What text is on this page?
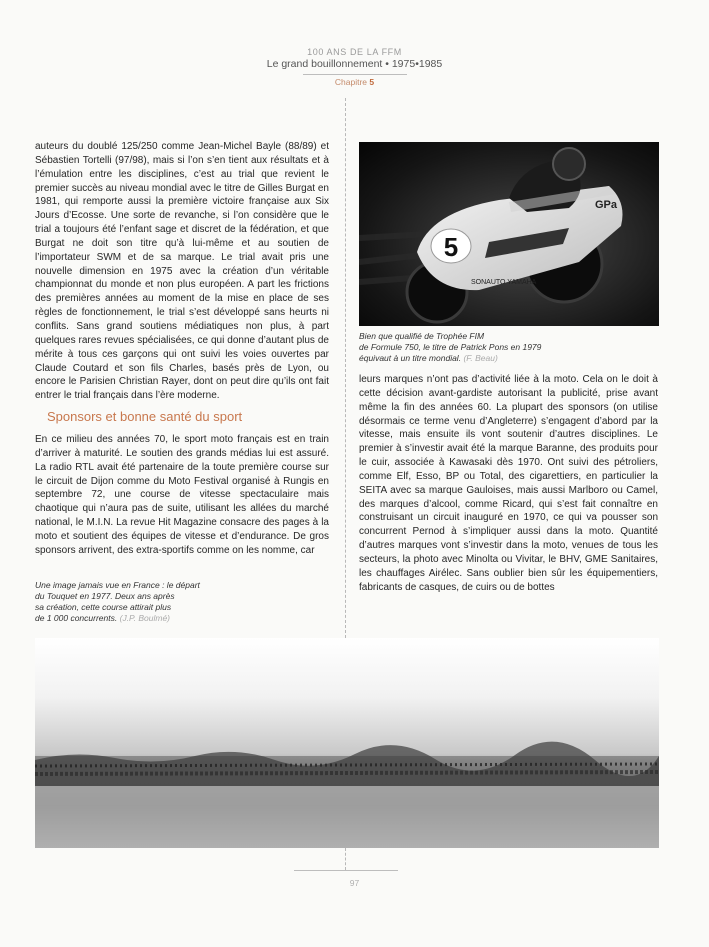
100 ANS DE LA FFM
Le grand bouillonnement • 1975•1985
Chapitre 5

auteurs du doublé 125/250 comme Jean-Michel Bayle (88/89) et Sébastien Tortelli (97/98), mais si l’on s’en tient aux résultats et à l’émulation entre les disciplines, c’est au trial que revient le premier succès au niveau mondial avec le titre de Gilles Burgat en 1981, qui remporte aussi la première victoire française aux Six Jours d’Ecosse. Une sorte de revanche, si l’on considère que le trial a toujours été l’enfant sage et discret de la fédération, et que Burgat ne doit son titre qu’à lui-même et au soutien de l’importateur SWM et de sa marque. Le trial avait pris une nouvelle dimension en 1975 avec la création d’un véritable championnat du monde et non plus européen. A part les frictions des premières années au moment de la mise en place de ses règles de fonctionnement, le trial s’est développé sans heurts ni conflits. Sans grand soutiens médiatiques non plus, à part quelques rares revues spécialisées, ce qui donne d’autant plus de mérite à tous ces garçons qui ont suivi les voies ouvertes par Claude Coutard et son fils Charles, basés près de Lyon, ou encore le Parisien Christian Rayer, dont on peut dire qu’ils ont fait entrer le trial français dans l’ère moderne.

Sponsors et bonne santé du sport

En ce milieu des années 70, le sport moto français est en train d’arriver à maturité. Le soutien des grands médias lui est assuré. La radio RTL avait été partenaire de la toute première course sur le circuit de Dijon comme du Moto Festival organisé à Rungis en septembre 72, une course de vitesse spectaculaire mais chaotique qui n’aura pas de suite, utilisant les allées du marché national, le M.I.N. La revue Hit Magazine consacre des pages à la moto et soutient des équipes de vitesse et d’endurance. De gros sponsors arrivent, des extra-sportifs comme on les nomme, car

Une image jamais vue en France : le départ
du Touquet en 1977. Deux ans après
sa création, cette course attirait plus
de 1 000 concurrents. (J.P. Boulmé)
5
GPa
SONAUTO YAMAHA
Bien que qualifié de Trophée FIM
de Formule 750, le titre de Patrick Pons en 1979
équivaut à un titre mondial. (F. Beau)

leurs marques n’ont pas d’activité liée à la moto. Cela on le doit à cette décision avant-gardiste autorisant la publicité, prise avant même la fin des années 60. La plupart des sponsors (on utilise désormais ce terme venu d’Angleterre) s’engagent d’abord par la vitesse, mais ensuite ils vont soutenir d’autres disciplines. Le premier à s’investir avait été la marque Baranne, des produits pour le cuir, associée à Kawasaki dès 1970. Ont suivi des pétroliers, comme Elf, Esso, BP ou Total, des cigarettiers, en particulier la SEITA avec sa marque Gauloises, mais aussi Marlboro ou Camel, des marques d’alcool, comme Ricard, qui s’est fait connaître en construisant un circuit inauguré en 1970, ce qui va pousser son concurrent Pernod à s’impliquer aussi dans la moto. Quantité d’autres marques vont s’investir dans la moto, venues de tous les secteurs, la photo avec Minolta ou Vivitar, le BHV, GME Sanitaires, les chauffages Airélec. Sans oublier bien sûr les équipementiers, fabricants de casques, de cuirs ou de bottes

97
